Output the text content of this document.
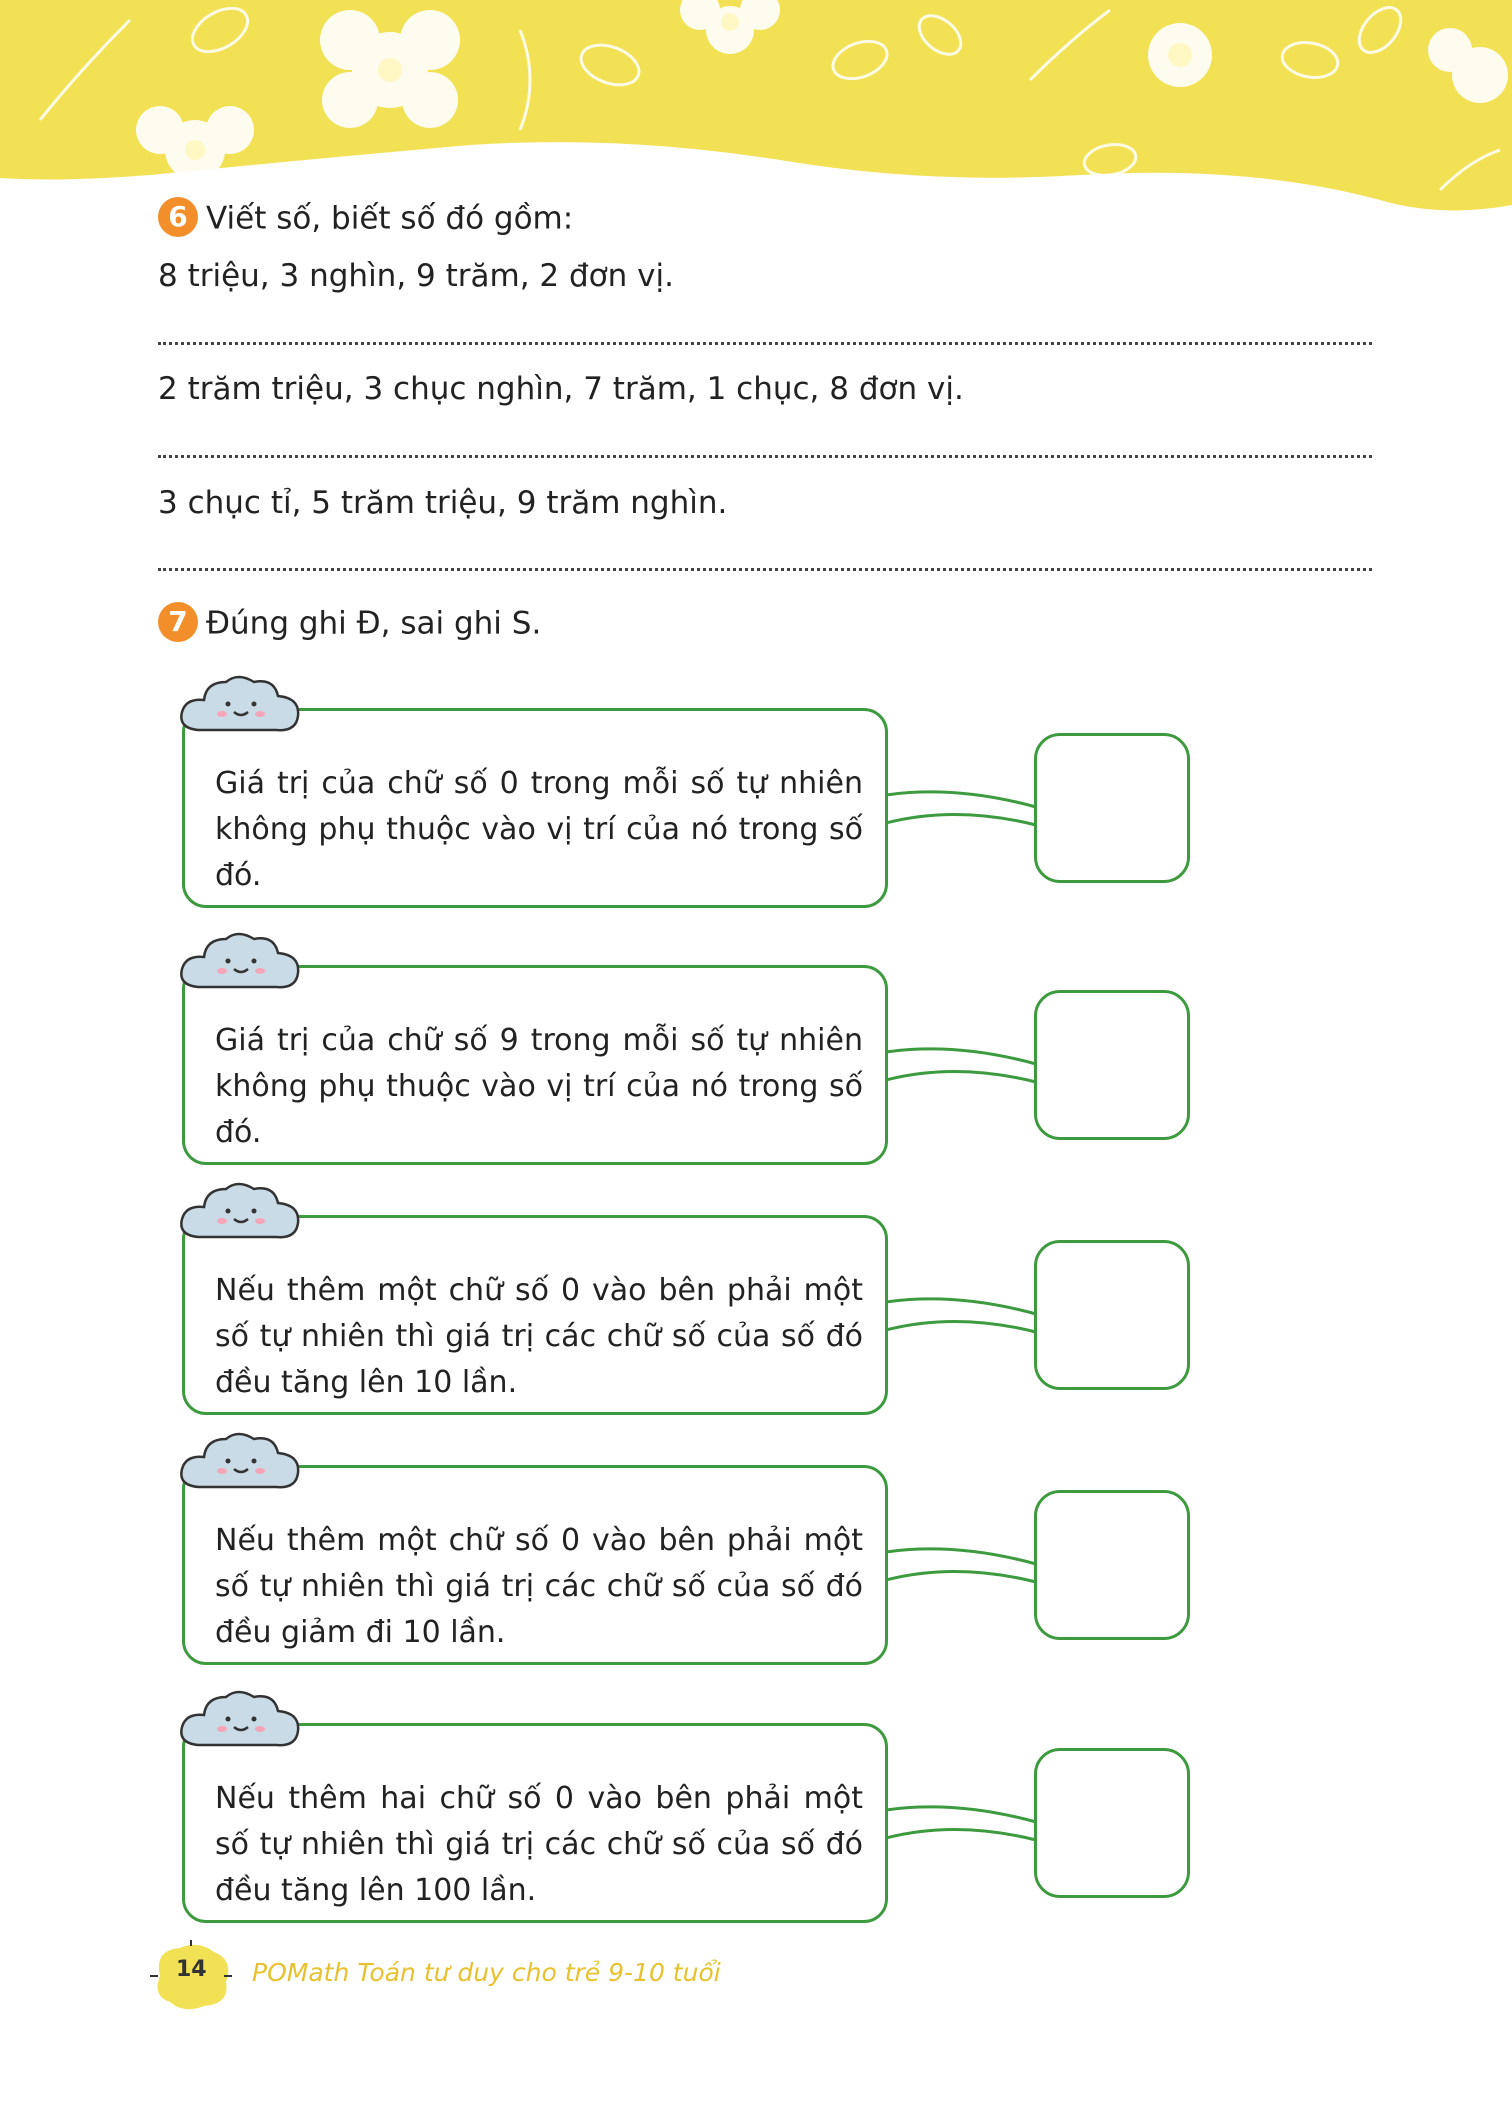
6 Viết số, biết số đó gồm:
8 triệu, 3 nghìn, 9 trăm, 2 đơn vị.
2 trăm triệu, 3 chục nghìn, 7 trăm, 1 chục, 8 đơn vị.
3 chục tỉ, 5 trăm triệu, 9 trăm nghìn.
7 Đúng ghi Đ, sai ghi S.
Giá trị của chữ số 0 trong mỗi số tự nhiên không phụ thuộc vào vị trí của nó trong số đó.
Giá trị của chữ số 9 trong mỗi số tự nhiên không phụ thuộc vào vị trí của nó trong số đó.
Nếu thêm một chữ số 0 vào bên phải một số tự nhiên thì giá trị các chữ số của số đó đều tăng lên 10 lần.
Nếu thêm một chữ số 0 vào bên phải một số tự nhiên thì giá trị các chữ số của số đó đều giảm đi 10 lần.
Nếu thêm hai chữ số 0 vào bên phải một số tự nhiên thì giá trị các chữ số của số đó đều tăng lên 100 lần.
14 POMath Toán tư duy cho trẻ 9-10 tuổi
